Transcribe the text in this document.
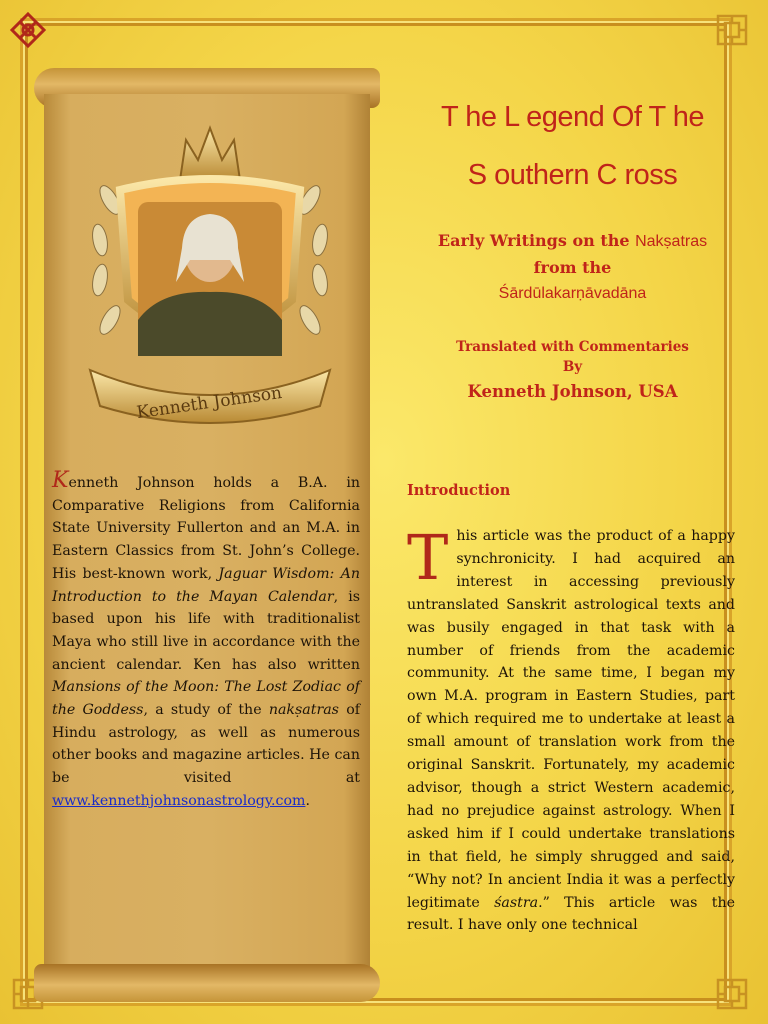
Kenneth Johnson
Kenneth Johnson holds a B.A. in Comparative Religions from California State University Fullerton and an M.A. in Eastern Classics from St. John’s College. His best-known work, Jaguar Wisdom: An Introduction to the Mayan Calendar, is based upon his life with traditionalist Maya who still live in accordance with the ancient calendar. Ken has also written Mansions of the Moon: The Lost Zodiac of the Goddess, a study of the nakṣatras of Hindu astrology, as well as numerous other books and magazine articles. He can be visited at www.kennethjohnsonastrology.com.
T he L egend Of T he
S outhern C ross
Early Writings on the Nakṣatras
from the
Śārdūlakarṇāvadāna
Translated with Commentaries
By
Kenneth Johnson, USA
Introduction
This article was the product of a happy synchronicity. I had acquired an interest in accessing previously untranslated Sanskrit astrological texts and was busily engaged in that task with a number of friends from the academic community. At the same time, I began my own M.A. program in Eastern Studies, part of which required me to undertake at least a small amount of translation work from the original Sanskrit. Fortunately, my academic advisor, though a strict Western academic, had no prejudice against astrology. When I asked him if I could undertake translations in that field, he simply shrugged and said, “Why not? In ancient India it was a perfectly legitimate śastra.” This article was the result. I have only one technical
